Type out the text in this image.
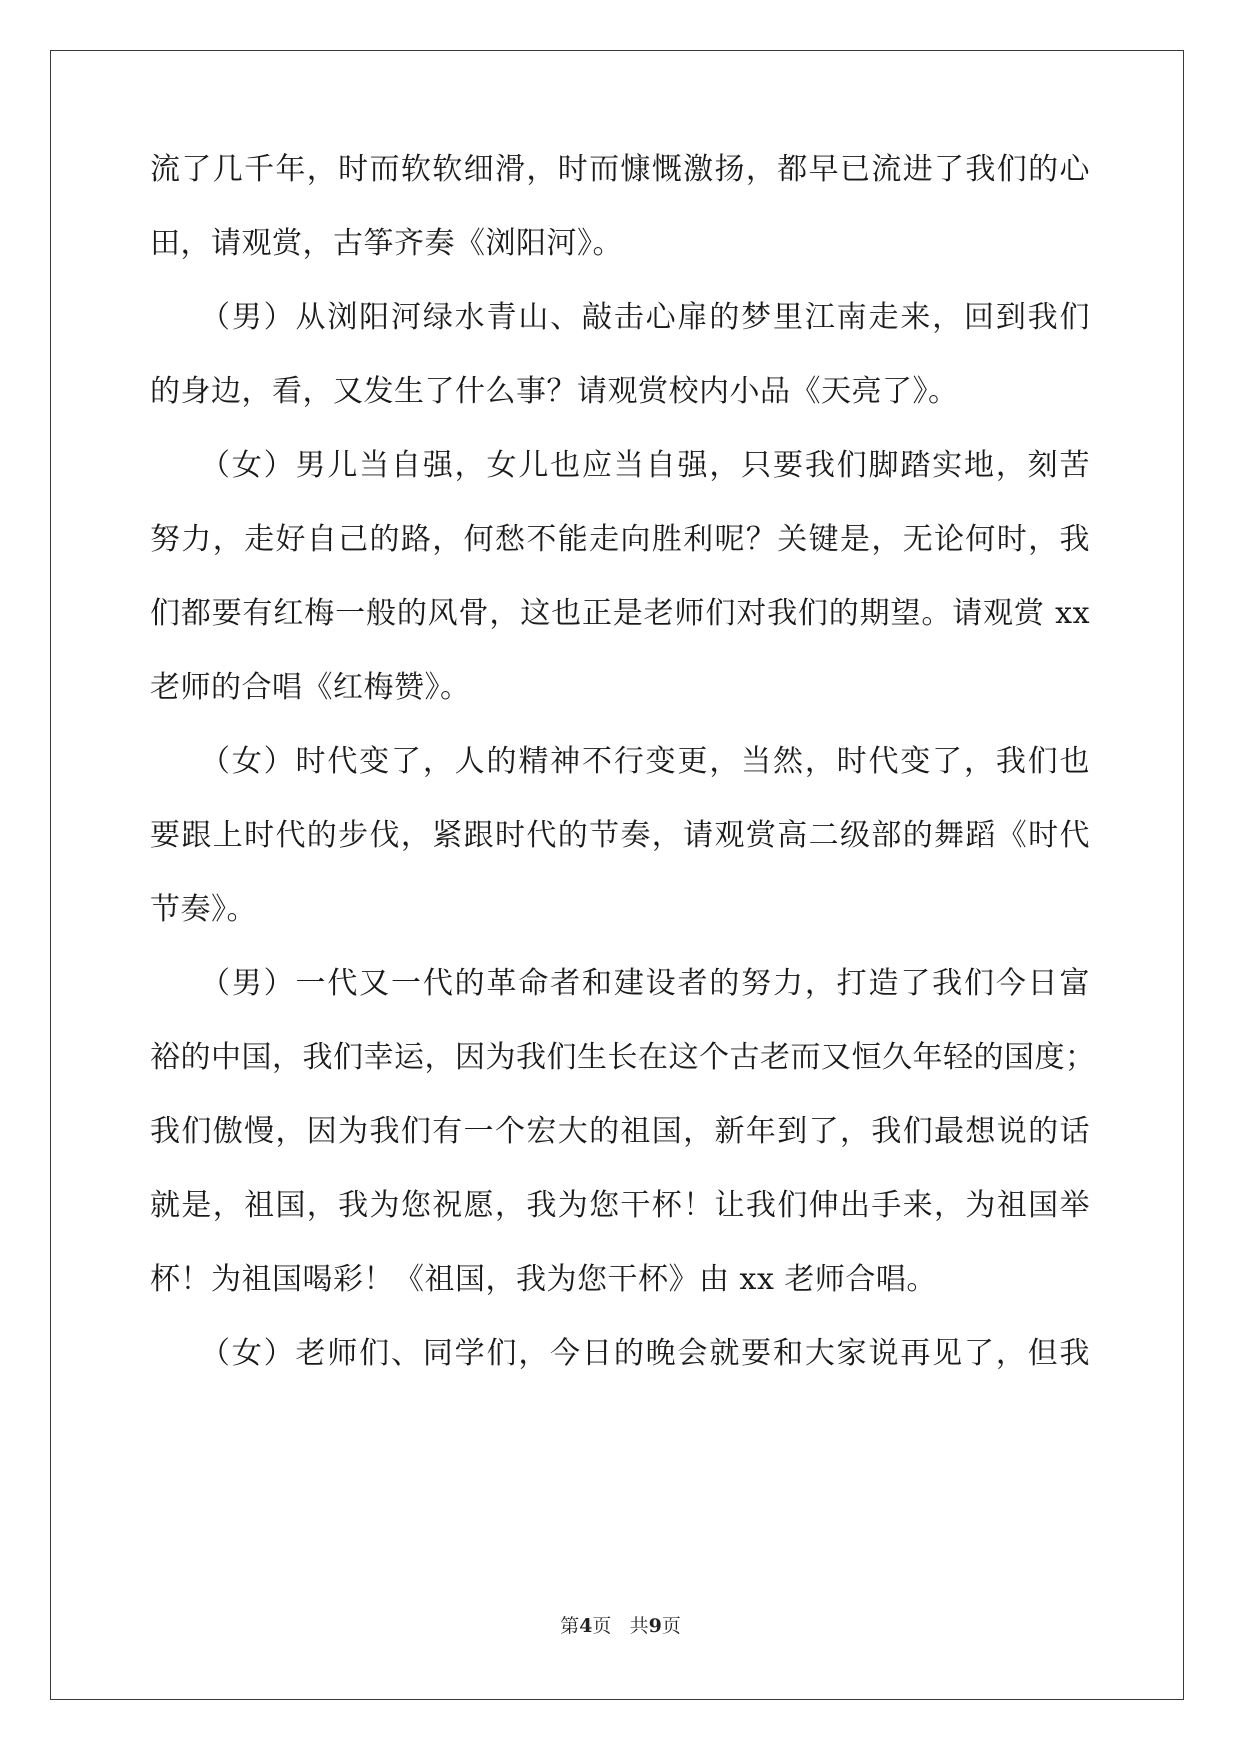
流了几千年，时而软软细滑，时而慷慨激扬，都早已流进了我们的心
田，请观赏，古筝齐奏《浏阳河》。
（男）从浏阳河绿水青山、敲击心扉的梦里江南走来，回到我们
的身边，看，又发生了什么事？请观赏校内小品《天亮了》。
（女）男儿当自强，女儿也应当自强，只要我们脚踏实地，刻苦
努力，走好自己的路，何愁不能走向胜利呢？关键是，无论何时，我
们都要有红梅一般的风骨，这也正是老师们对我们的期望。请观赏 xx
老师的合唱《红梅赞》。
（女）时代变了，人的精神不行变更，当然，时代变了，我们也
要跟上时代的步伐，紧跟时代的节奏，请观赏高二级部的舞蹈《时代
节奏》。
（男）一代又一代的革命者和建设者的努力，打造了我们今日富
裕的中国，我们幸运，因为我们生长在这个古老而又恒久年轻的国度；
我们傲慢，因为我们有一个宏大的祖国，新年到了，我们最想说的话
就是，祖国，我为您祝愿，我为您干杯！让我们伸出手来，为祖国举
杯！为祖国喝彩！《祖国，我为您干杯》由 xx 老师合唱。
（女）老师们、同学们，今日的晚会就要和大家说再见了，但我
第4页 共9页
